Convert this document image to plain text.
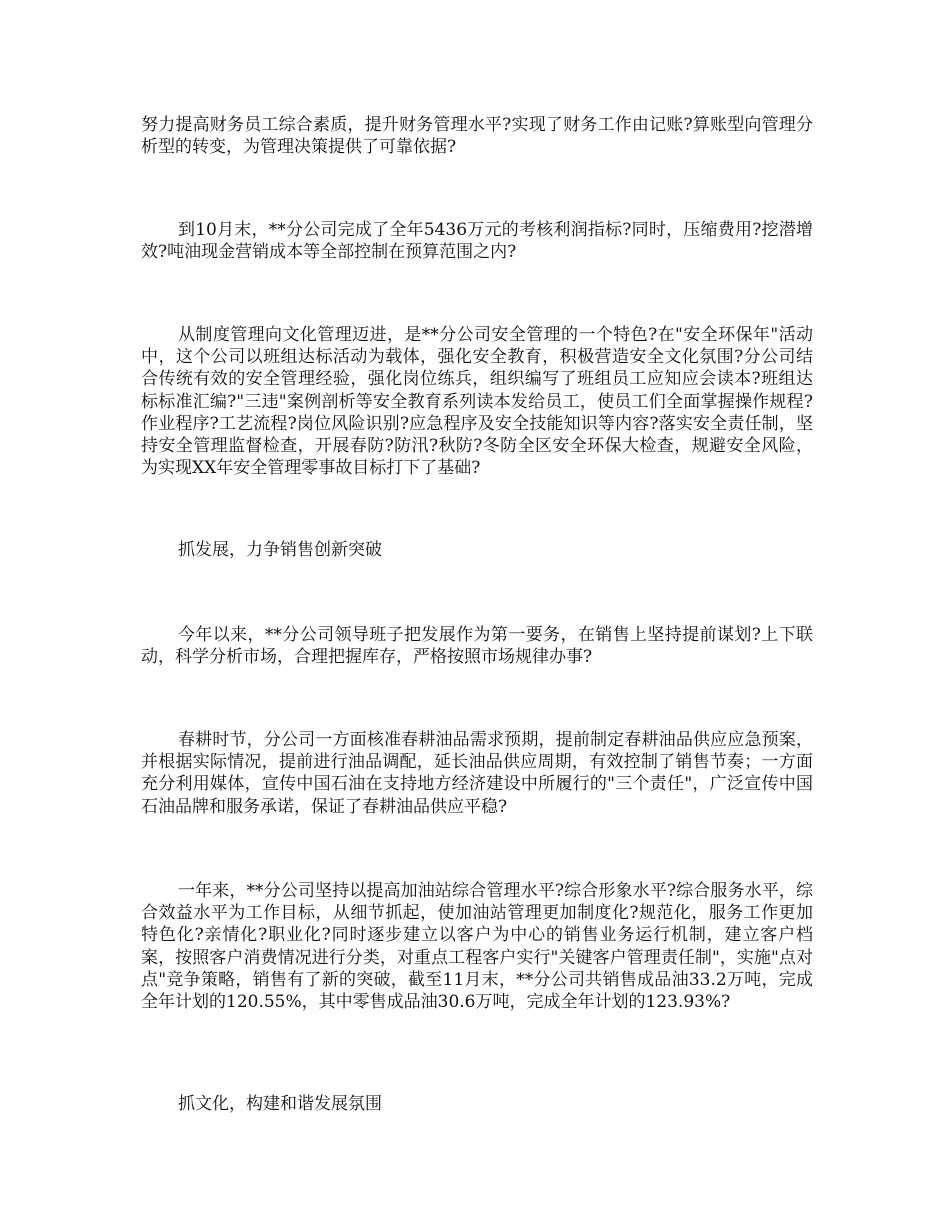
努力提高财务员工综合素质，提升财务管理水平?实现了财务工作由记账?算账型向管理分析型的转变，为管理决策提供了可靠依据?

到10月末，**分公司完成了全年5436万元的考核利润指标?同时，压缩费用?挖潜增效?吨油现金营销成本等全部控制在预算范围之内?

从制度管理向文化管理迈进，是**分公司安全管理的一个特色?在"安全环保年"活动中，这个公司以班组达标活动为载体，强化安全教育，积极营造安全文化氛围?分公司结合传统有效的安全管理经验，强化岗位练兵，组织编写了班组员工应知应会读本?班组达标标准汇编?"三违"案例剖析等安全教育系列读本发给员工，使员工们全面掌握操作规程?作业程序?工艺流程?岗位风险识别?应急程序及安全技能知识等内容?落实安全责任制，坚持安全管理监督检查，开展春防?防汛?秋防?冬防全区安全环保大检查，规避安全风险，为实现XX年安全管理零事故目标打下了基础?

抓发展，力争销售创新突破

今年以来，**分公司领导班子把发展作为第一要务，在销售上坚持提前谋划?上下联动，科学分析市场，合理把握库存，严格按照市场规律办事?

春耕时节，分公司一方面核准春耕油品需求预期，提前制定春耕油品供应应急预案，并根据实际情况，提前进行油品调配，延长油品供应周期，有效控制了销售节奏；一方面充分利用媒体，宣传中国石油在支持地方经济建设中所履行的"三个责任"，广泛宣传中国石油品牌和服务承诺，保证了春耕油品供应平稳?

一年来，**分公司坚持以提高加油站综合管理水平?综合形象水平?综合服务水平，综合效益水平为工作目标，从细节抓起，使加油站管理更加制度化?规范化，服务工作更加特色化?亲情化?职业化?同时逐步建立以客户为中心的销售业务运行机制，建立客户档案，按照客户消费情况进行分类，对重点工程客户实行"关键客户管理责任制"，实施"点对点"竞争策略，销售有了新的突破，截至11月末，**分公司共销售成品油33.2万吨，完成全年计划的120.55%，其中零售成品油30.6万吨，完成全年计划的123.93%?

抓文化，构建和谐发展氛围
